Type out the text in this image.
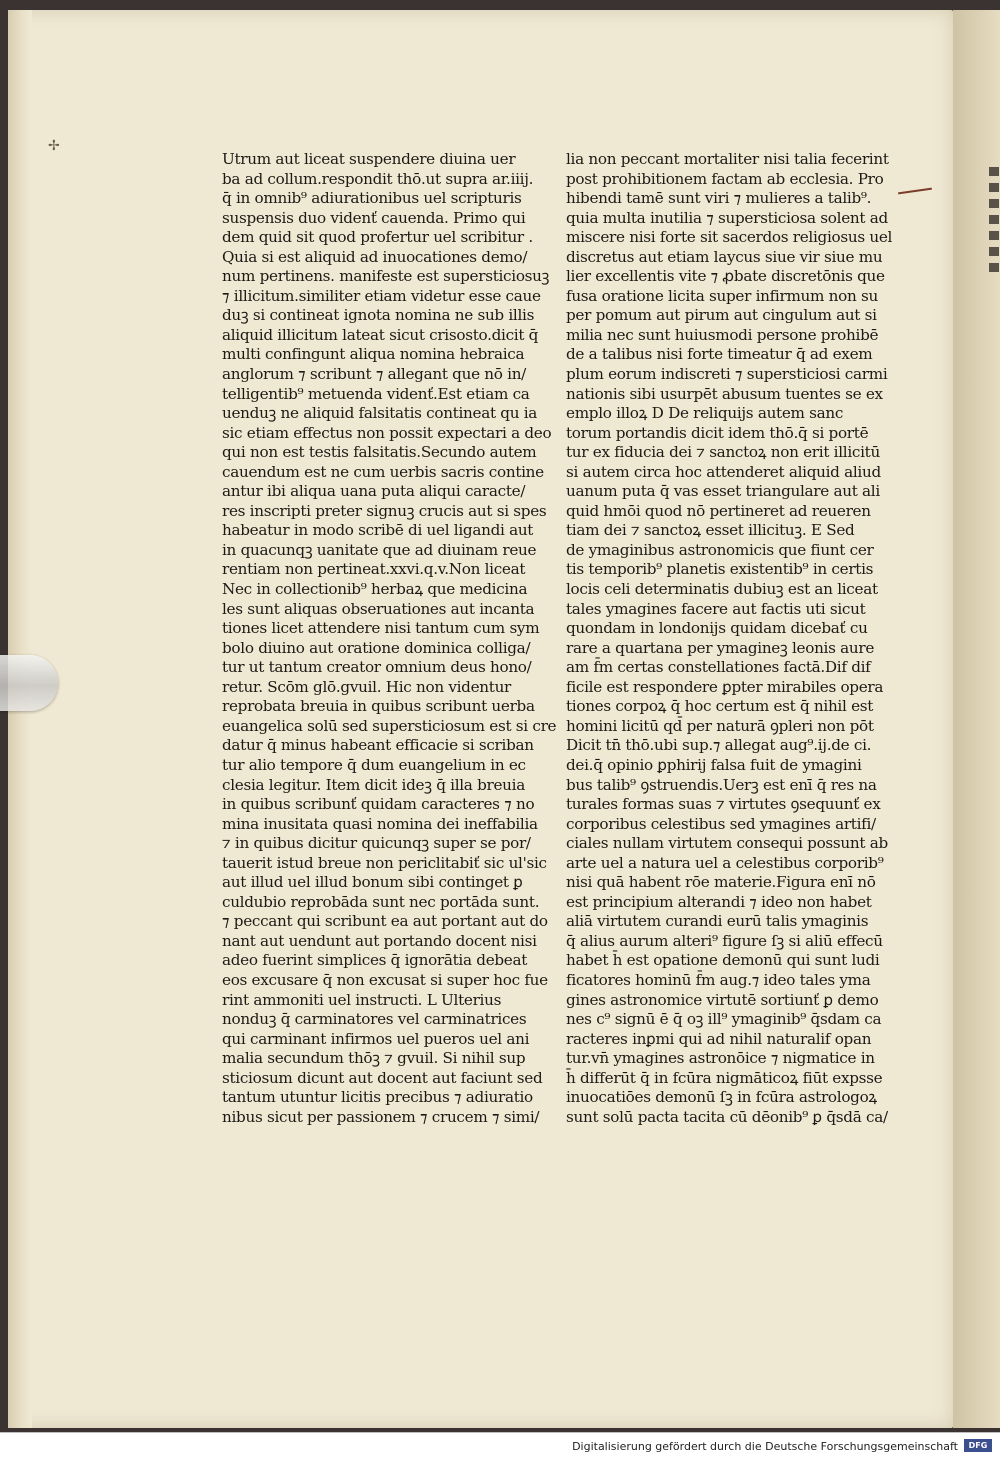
✢
Utrum aut liceat suspendere diuina uer
ba ad collum.respondit thō.ut supra ar.iiij.
q̄ in omnib⁹ adiurationibus uel scripturis
suspensis duo videnť cauenda. Primo qui
dem quid sit quod profertur uel scribitur .
Quia si est aliquid ad inuocationes demo/
num pertinens. manifeste est supersticiosuꝫ
⁊ illicitum.similiter etiam videtur esse caue
duꝫ si contineat ignota nomina ne sub illis
aliquid illicitum lateat sicut crisosto.dicit q̄
multi confingunt aliqua nomina hebraica
anglorum ⁊ scribunt ⁊ allegant que nō in/
telligentib⁹ metuenda videnť.Est etiam ca
uenduꝫ ne aliquid falsitatis contineat qu ia
sic etiam effectus non possit expectari a deo
qui non est testis falsitatis.Secundo autem
cauendum est ne cum uerbis sacris contine
antur ibi aliqua uana puta aliqui caracte/
res inscripti preter signuꝫ crucis aut si spes
habeatur in modo scribē di uel ligandi aut
in quacunqꝫ uanitate que ad diuinam reue
rentiam non pertineat.xxvi.q.v.Non liceat
Nec in collectionib⁹ herbaꝝ que medicina
les sunt aliquas obseruationes aut incanta
tiones licet attendere nisi tantum cum sym
bolo diuino aut oratione dominica colliga/
tur ut tantum creator omnium deus hono/
retur. Scōm glō.gvuil. Hic non videntur
reprobata breuia in quibus scribunt uerba
euangelica solū sed supersticiosum est si cre
datur q̄ minus habeant efficacie si scriban
tur alio tempore q̄ dum euangelium in ec
clesia legitur. Item dicit ideꝫ q̄ illa breuia
in quibus scribunť quidam caracteres ⁊ no
mina inusitata quasi nomina dei ineffabilia
⁊ in quibus dicitur quicunqꝫ super se por/
tauerit istud breue non periclitabiť sic ul'sic
aut illud uel illud bonum sibi continget ꝑ
culdubio reprobāda sunt nec portāda sunt.
⁊ peccant qui scribunt ea aut portant aut do
nant aut uendunt aut portando docent nisi
adeo fuerint simplices q̄ ignorātia debeat
eos excusare q̄ non excusat si super hoc fue
rint ammoniti uel instructi. L Ulterius
nonduꝫ q̄ carminatores vel carminatrices
qui carminant infirmos uel pueros uel ani
malia secundum thōꝫ ⁊ gvuil. Si nihil sup
sticiosum dicunt aut docent aut faciunt sed
tantum utuntur licitis precibus ⁊ adiuratio
nibus sicut per passionem ⁊ crucem ⁊ simi/
lia non peccant mortaliter nisi talia fecerint
post prohibitionem factam ab ecclesia. Pro
hibendi tamē sunt viri ⁊ mulieres a talib⁹.
quia multa inutilia ⁊ supersticiosa solent ad
miscere nisi forte sit sacerdos religiosus uel
discretus aut etiam laycus siue vir siue mu
lier excellentis vite ⁊ ꝓbate discretōnis que
fusa oratione licita super infirmum non su
per pomum aut pirum aut cingulum aut si
milia nec sunt huiusmodi persone prohibē
de a talibus nisi forte timeatur q̄ ad exem
plum eorum indiscreti ⁊ supersticiosi carmi
nationis sibi usurpēt abusum tuentes se ex
emplo illoꝝ D De reliquijs autem sanc
torum portandis dicit idem thō.q̄ si portē
tur ex fiducia dei ⁊ sanctoꝝ non erit illicitū
si autem circa hoc attenderet aliquid aliud
uanum puta q̄ vas esset triangulare aut ali
quid hmōi quod nō pertineret ad reueren
tiam dei ⁊ sanctoꝝ esset illicituꝫ. E Sed
de ymaginibus astronomicis que fiunt cer
tis temporib⁹ planetis existentib⁹ in certis
locis celi determinatis dubiuꝫ est an liceat
tales ymagines facere aut factis uti sicut
quondam in londonijs quidam dicebať cu
rare a quartana per ymagineꝫ leonis aure
am f̄m certas constellationes factā.Dif dif
ficile est respondere ꝑpter mirabiles opera
tiones corpoꝝ q̄ hoc certum est q̄ nihil est
homini licitū qd̄ per naturā ꝯpleri non pōt
Dicit tn̄ thō.ubi sup.⁊ allegat aug⁹.ij.de ci.
dei.q̄ opinio ꝑphirij falsa fuit de ymagini
bus talib⁹ ꝯstruendis.Uerꝫ est enī q̄ res na
turales formas suas ⁊ virtutes ꝯsequunť ex
corporibus celestibus sed ymagines artifi/
ciales nullam virtutem consequi possunt ab
arte uel a natura uel a celestibus corporib⁹
nisi quā habent rōe materie.Figura enī nō
est principium alterandi ⁊ ideo non habet
aliā virtutem curandi eurū talis ymaginis
q̄ alius aurum alteri⁹ figure ſꝫ si aliū effecū
habet h̄ est opatione demonū qui sunt ludi
ficatores hominū f̄m aug.⁊ ideo tales yma
gines astronomice virtutē sortiunť ꝑ demo
nes c⁹ signū ē q̄ oꝫ ill⁹ ymaginib⁹ q̄sdam ca
racteres inꝑmi qui ad nihil naturalif opan
tur.vn̄ ymagines astronōice ⁊ nigmatice in
h̄ differūt q̄ in fcūra nigmāticoꝝ fiūt expsse
inuocatiōes demonū ſꝫ in fcūra astrologoꝝ
sunt solū pacta tacita cū dēonib⁹ ꝑ q̄sdā ca/
Digitalisierung gefördert durch die Deutsche Forschungsgemeinschaft	DFG
